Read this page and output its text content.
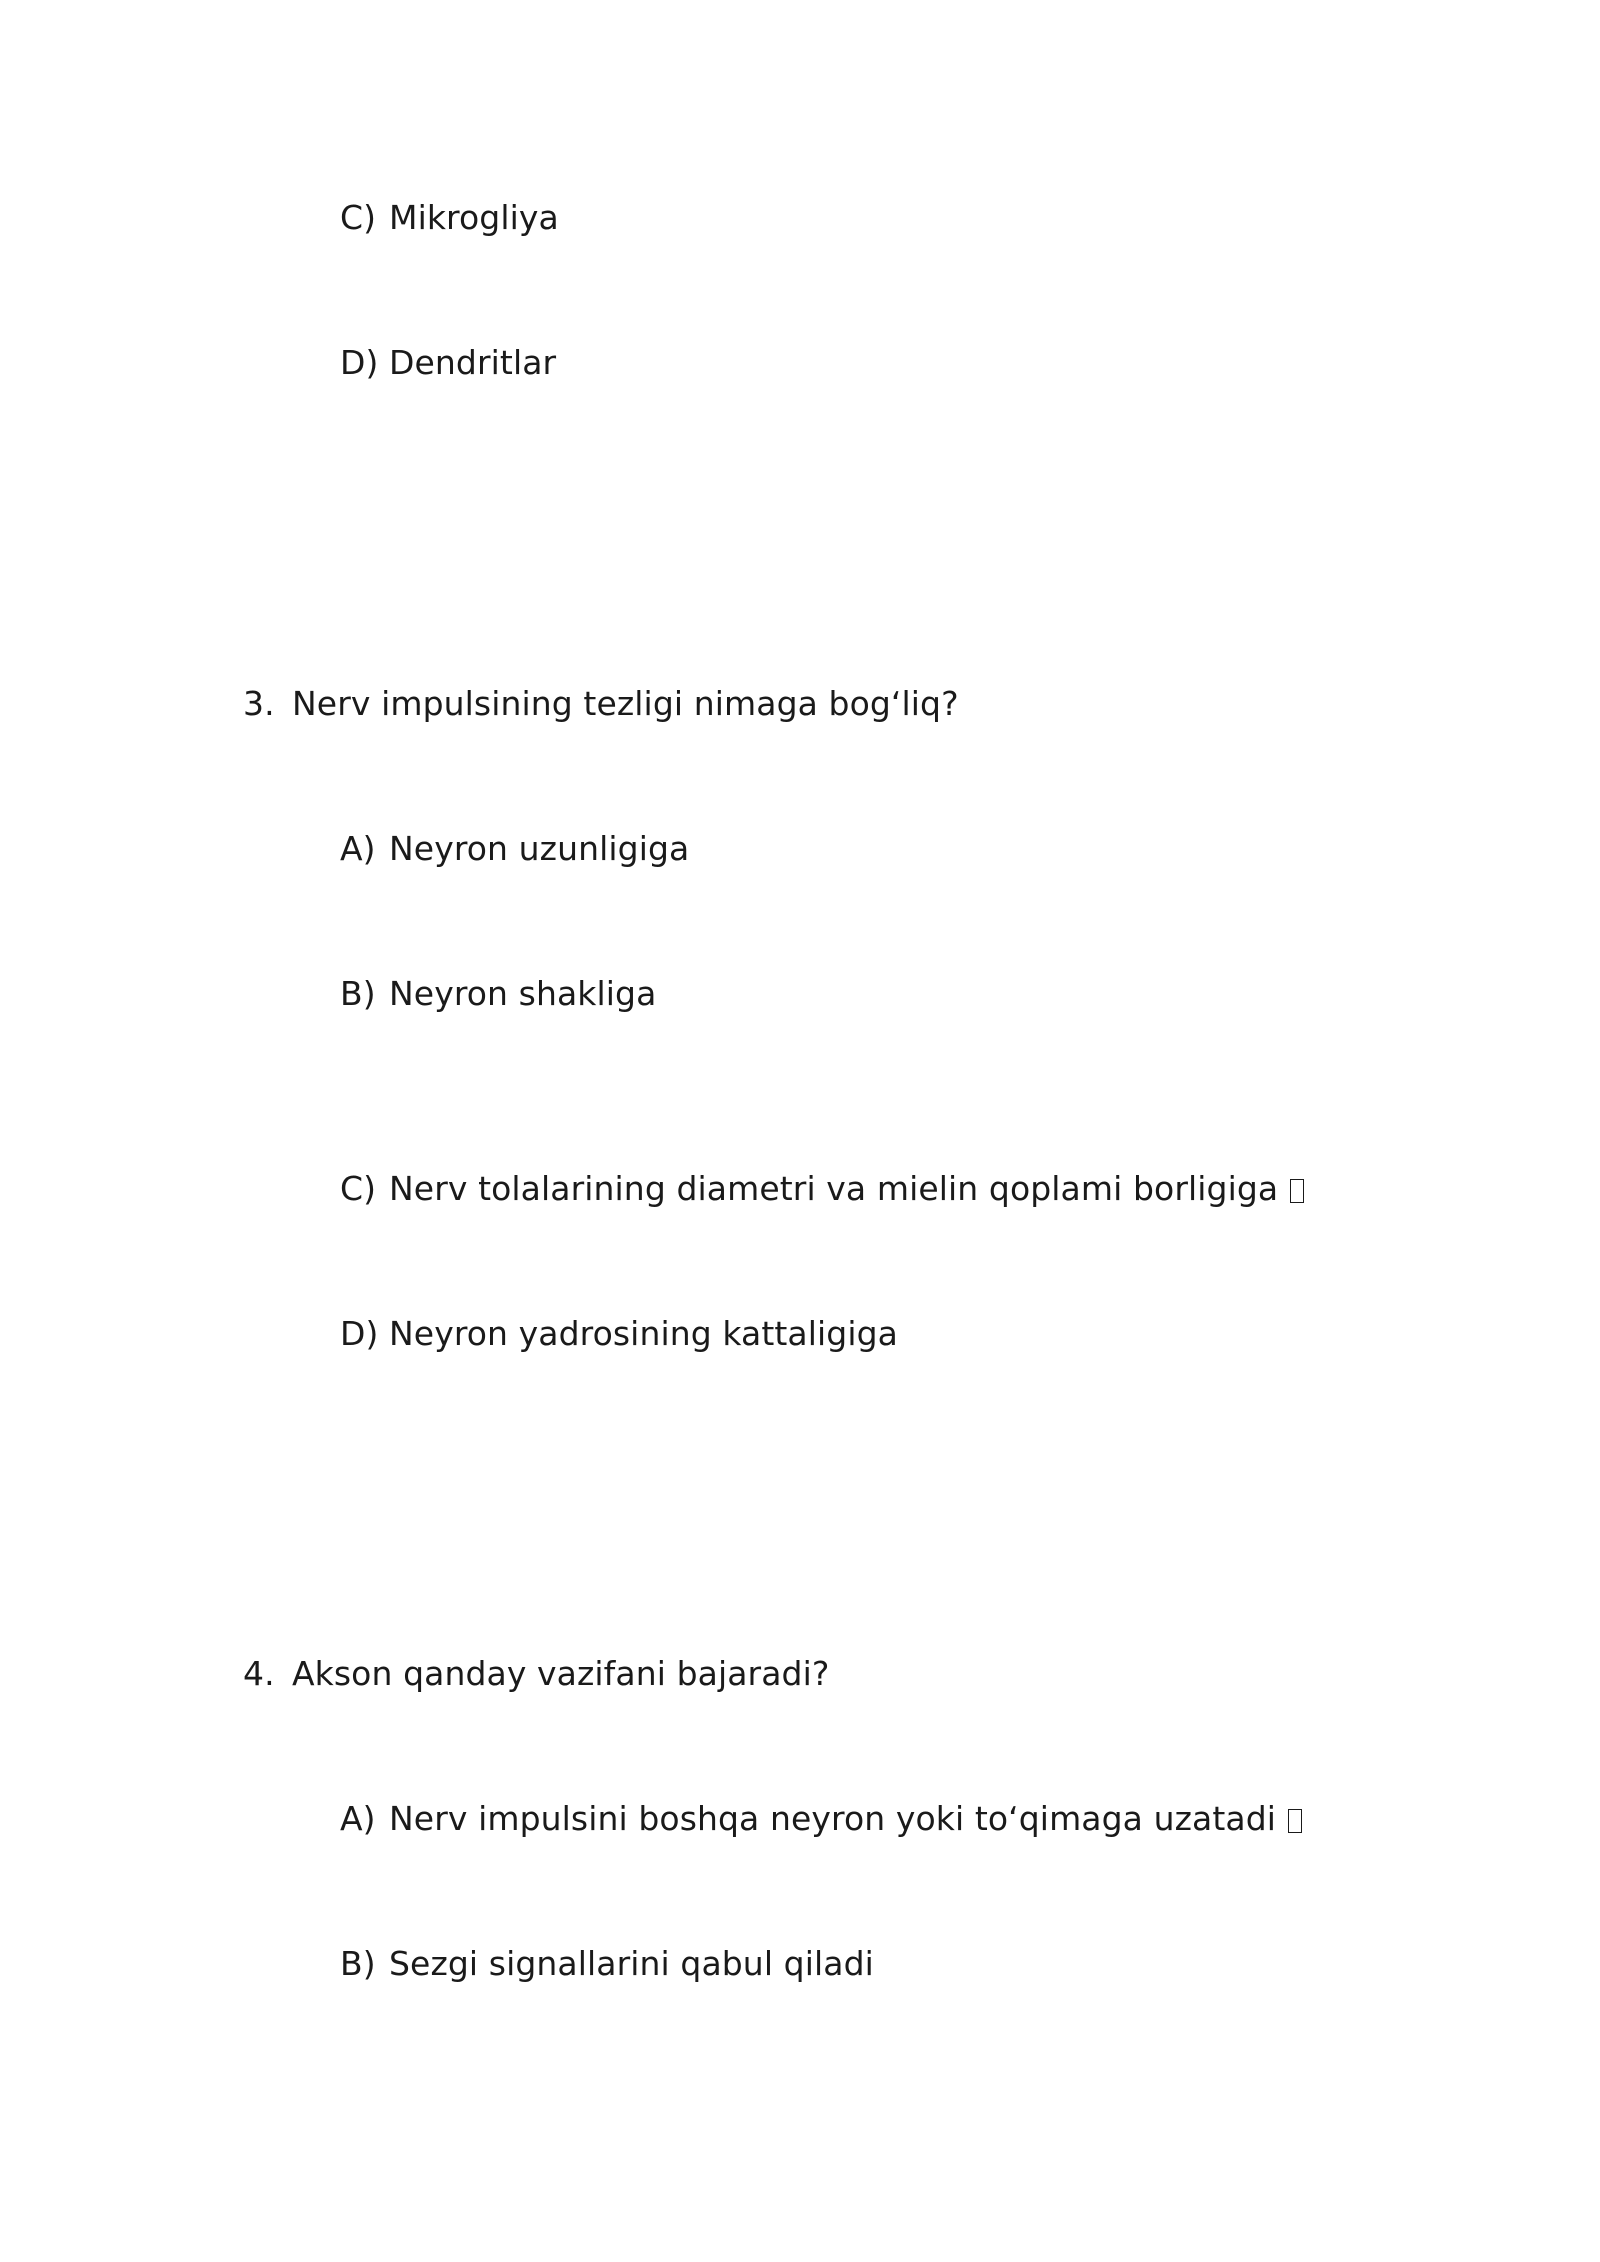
C) Mikrogliya
D) Dendritlar
3. Nerv impulsining tezligi nimaga bog‘liq?
A) Neyron uzunligiga
B) Neyron shakliga
C) Nerv tolalarining diametri va mielin qoplami borligiga
D) Neyron yadrosining kattaligiga
4. Akson qanday vazifani bajaradi?
A) Nerv impulsini boshqa neyron yoki to‘qimaga uzatadi
B) Sezgi signallarini qabul qiladi
